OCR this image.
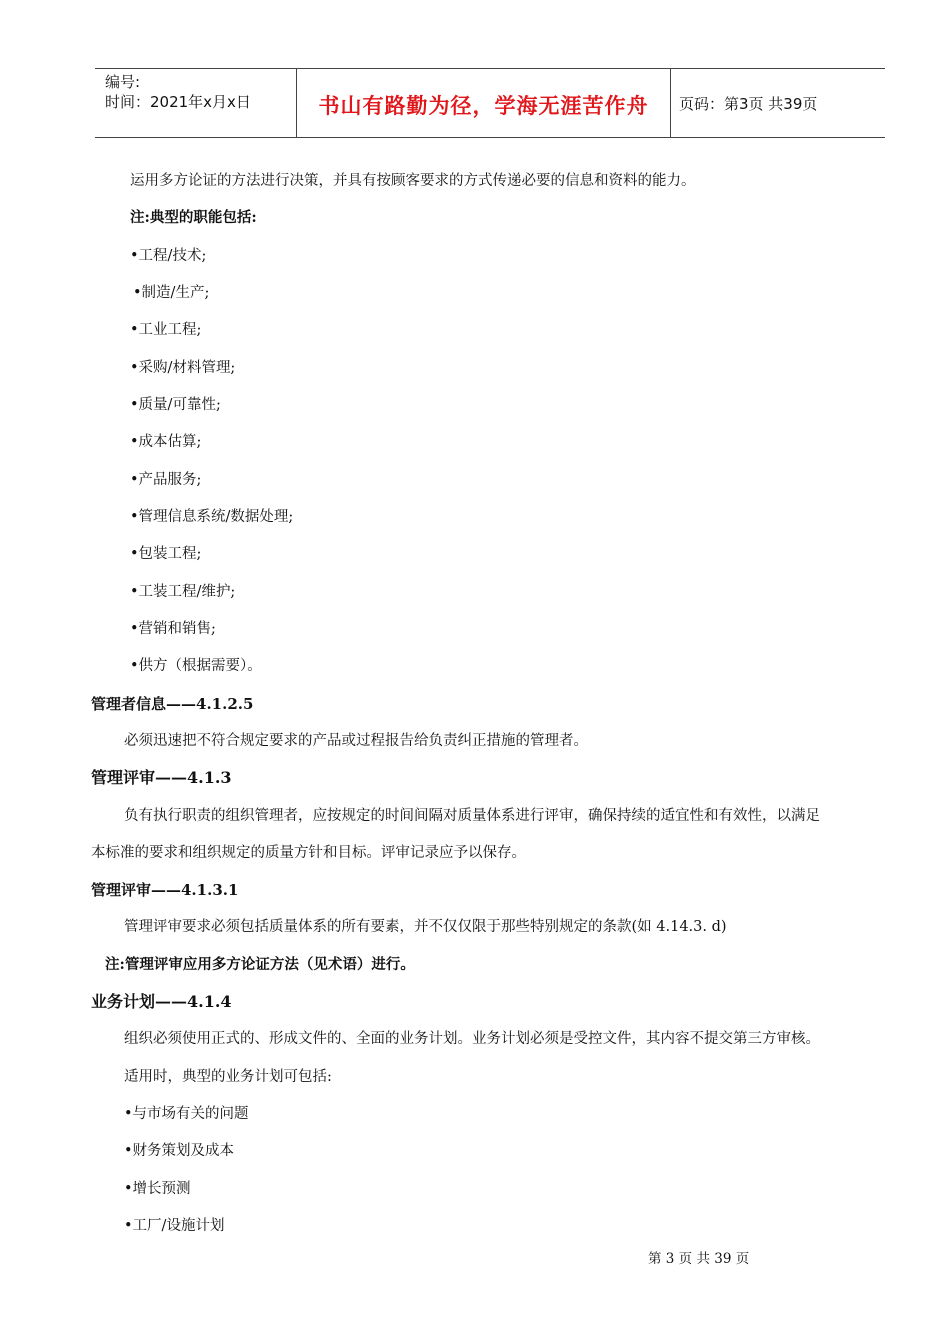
编号:
时间：2021年x月x日	书山有路勤为径，学海无涯苦作舟	页码：第3页 共39页
运用多方论证的方法进行决策，并具有按顾客要求的方式传递必要的信息和资料的能力。
注:典型的职能包括:
•工程/技术;
•制造/生产;
•工业工程;
•采购/材料管理;
•质量/可靠性;
•成本估算;
•产品服务;
•管理信息系统/数据处理;
•包装工程;
•工装工程/维护;
•营销和销售;
•供方（根据需要）。
管理者信息——4.1.2.5
必须迅速把不符合规定要求的产品或过程报告给负责纠正措施的管理者。
管理评审——4.1.3
负有执行职责的组织管理者，应按规定的时间间隔对质量体系进行评审，确保持续的适宜性和有效性，以满足
本标准的要求和组织规定的质量方针和目标。评审记录应予以保存。
管理评审——4.1.3.1
管理评审要求必须包括质量体系的所有要素，并不仅仅限于那些特别规定的条款(如 4.14.3. d)
注:管理评审应用多方论证方法（见术语）进行。
业务计划——4.1.4
组织必须使用正式的、形成文件的、全面的业务计划。业务计划必须是受控文件，其内容不提交第三方审核。
适用时，典型的业务计划可包括:
•与市场有关的问题
•财务策划及成本
•增长预测
•工厂/设施计划
第 3 页 共 39 页
